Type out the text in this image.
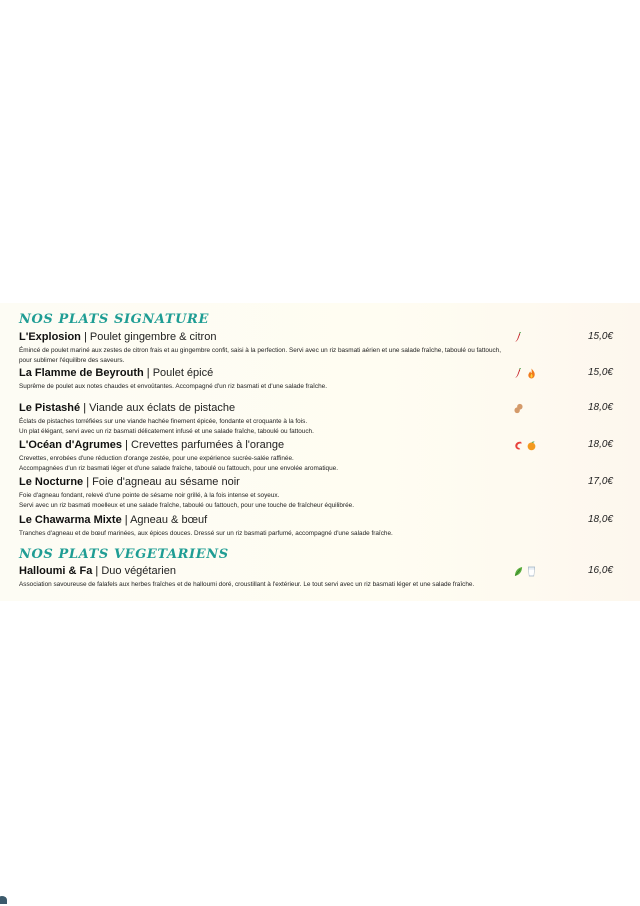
NOS PLATS SIGNATURE
L'Explosion | Poulet gingembre & citron
Émincé de poulet mariné aux zestes de citron frais et au gingembre confit, saisi à la perfection. Servi avec un riz basmati aérien et une salade fraîche, taboulé ou fattouch, pour sublimer l'équilibre des saveurs.
15,0€
La Flamme de Beyrouth | Poulet épicé
Suprême de poulet aux notes chaudes et envoûtantes. Accompagné d'un riz basmati et d'une salade fraîche.
15,0€
Le Pistashé | Viande aux éclats de pistache
Éclats de pistaches torréfiées sur une viande hachée finement épicée, fondante et croquante à la fois.
Un plat élégant, servi avec un riz basmati délicatement infusé et une salade fraîche, taboulé ou fattouch.
18,0€
L'Océan d'Agrumes | Crevettes parfumées à l'orange
Crevettes, enrobées d'une réduction d'orange zestée, pour une expérience sucrée-salée raffinée.
Accompagnées d'un riz basmati léger et d'une salade fraîche, taboulé ou fattouch, pour une envolée aromatique.
18,0€
Le Nocturne | Foie d'agneau au sésame noir
Foie d'agneau fondant, relevé d'une pointe de sésame noir grillé, à la fois intense et soyeux.
Servi avec un riz basmati moelleux et une salade fraîche, taboulé ou fattouch, pour une touche de fraîcheur équilibrée.
17,0€
Le Chawarma Mixte | Agneau & bœuf
Tranches d'agneau et de bœuf marinées, aux épices douces. Dressé sur un riz basmati parfumé, accompagné d'une salade fraîche.
18,0€
NOS PLATS VEGETARIENS
Halloumi & Fa | Duo végétarien
Association savoureuse de falafels aux herbes fraîches et de halloumi doré, croustillant à l'extérieur. Le tout servi avec un riz basmati léger et une salade fraîche.
16,0€
